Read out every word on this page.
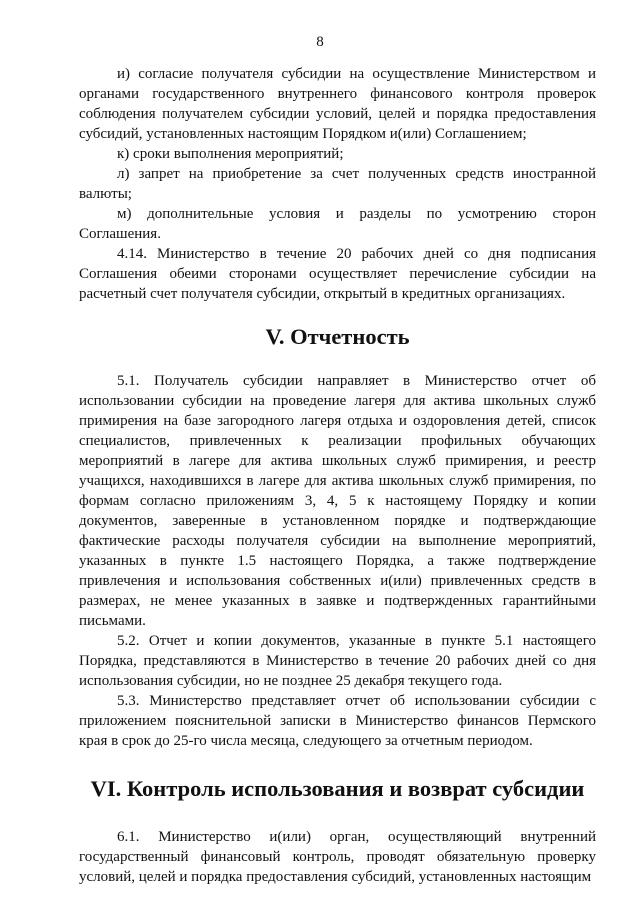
8

и) согласие получателя субсидии на осуществление Министерством и органами государственного внутреннего финансового контроля проверок соблюдения получателем субсидии условий, целей и порядка предоставления субсидий, установленных настоящим Порядком и(или) Соглашением;

к) сроки выполнения мероприятий;

л) запрет на приобретение за счет полученных средств иностранной валюты;

м) дополнительные условия и разделы по усмотрению сторон Соглашения.

4.14. Министерство в течение 20 рабочих дней со дня подписания Соглашения обеими сторонами осуществляет перечисление субсидии на расчетный счет получателя субсидии, открытый в кредитных организациях.

V. Отчетность

5.1. Получатель субсидии направляет в Министерство отчет об использовании субсидии на проведение лагеря для актива школьных служб примирения на базе загородного лагеря отдыха и оздоровления детей, список специалистов, привлеченных к реализации профильных обучающих мероприятий в лагере для актива школьных служб примирения, и реестр учащихся, находившихся в лагере для актива школьных служб примирения, по формам согласно приложениям 3, 4, 5 к настоящему Порядку и копии документов, заверенные в установленном порядке и подтверждающие фактические расходы получателя субсидии на выполнение мероприятий, указанных в пункте 1.5 настоящего Порядка, а также подтверждение привлечения и использования собственных и(или) привлеченных средств в размерах, не менее указанных в заявке и подтвержденных гарантийными письмами.

5.2. Отчет и копии документов, указанные в пункте 5.1 настоящего Порядка, представляются в Министерство в течение 20 рабочих дней со дня использования субсидии, но не позднее 25 декабря текущего года.

5.3. Министерство представляет отчет об использовании субсидии с приложением пояснительной записки в Министерство финансов Пермского края в срок до 25-го числа месяца, следующего за отчетным периодом.

VI. Контроль использования и возврат субсидии

6.1. Министерство и(или) орган, осуществляющий внутренний государственный финансовый контроль, проводят обязательную проверку условий, целей и порядка предоставления субсидий, установленных настоящим
